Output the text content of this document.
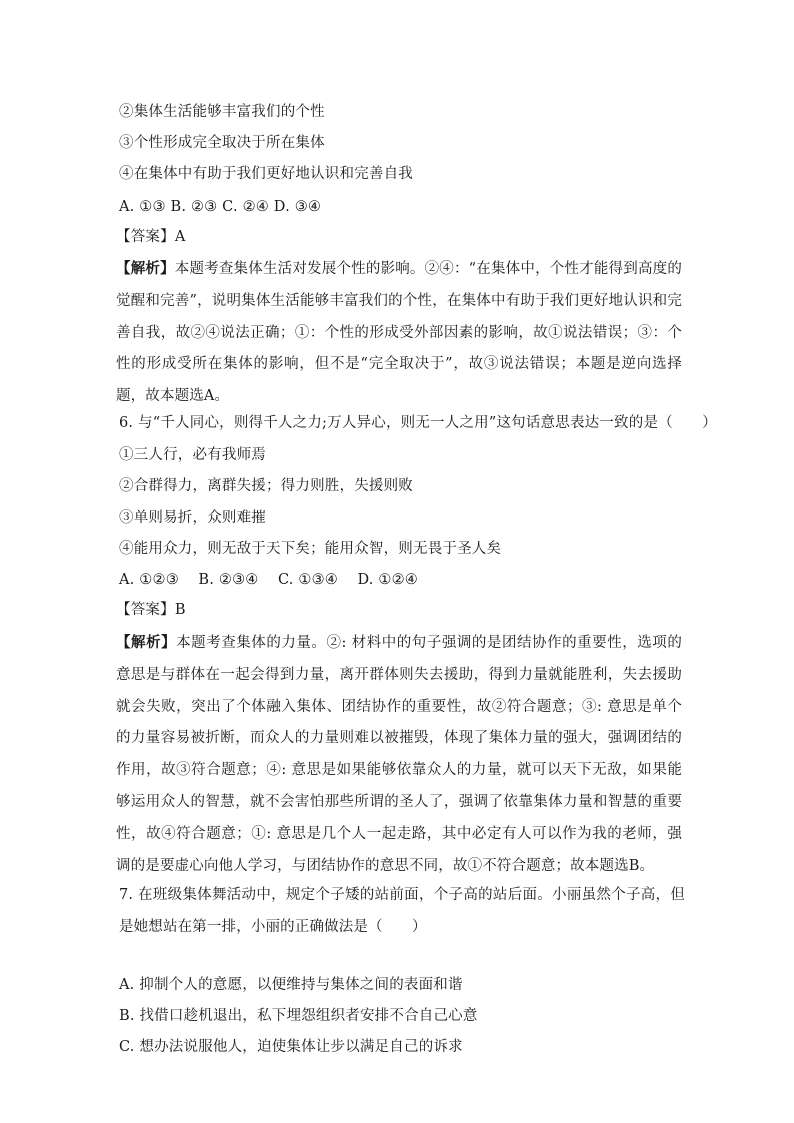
②集体生活能够丰富我们的个性
③个性形成完全取决于所在集体
④在集体中有助于我们更好地认识和完善自我
A. ①③ B. ②③ C. ②④ D. ③④
【答案】A
【解析】本题考查集体生活对发展个性的影响。②④：“在集体中，个性才能得到高度的觉醒和完善”，说明集体生活能够丰富我们的个性，在集体中有助于我们更好地认识和完善自我，故②④说法正确；①：个性的形成受外部因素的影响，故①说法错误；③：个性的形成受所在集体的影响，但不是“完全取决于”，故③说法错误；本题是逆向选择题，故本题选A。
6. 与“千人同心，则得千人之力;万人异心，则无一人之用”这句话意思表达一致的是（　　）
①三人行，必有我师焉
②合群得力，离群失援；得力则胜，失援则败
③单则易折，众则难摧
④能用众力，则无敌于天下矣；能用众智，则无畏于圣人矣
A. ①②③　 B. ②③④　 C. ①③④　 D. ①②④
【答案】B
【解析】本题考查集体的力量。②: 材料中的句子强调的是团结协作的重要性，选项的意思是与群体在一起会得到力量，离开群体则失去援助，得到力量就能胜利，失去援助就会失败，突出了个体融入集体、团结协作的重要性，故②符合题意；③: 意思是单个的力量容易被折断，而众人的力量则难以被摧毁，体现了集体力量的强大，强调团结的作用，故③符合题意；④: 意思是如果能够依靠众人的力量，就可以天下无敌，如果能够运用众人的智慧，就不会害怕那些所谓的圣人了，强调了依靠集体力量和智慧的重要性，故④符合题意；①: 意思是几个人一起走路，其中必定有人可以作为我的老师，强调的是要虚心向他人学习，与团结协作的意思不同，故①不符合题意；故本题选B。
7. 在班级集体舞活动中，规定个子矮的站前面，个子高的站后面。小丽虽然个子高，但是她想站在第一排，小丽的正确做法是（　　）
A. 抑制个人的意愿，以便维持与集体之间的表面和谐
B. 找借口趁机退出，私下埋怨组织者安排不合自己心意
C. 想办法说服他人，迫使集体让步以满足自己的诉求
